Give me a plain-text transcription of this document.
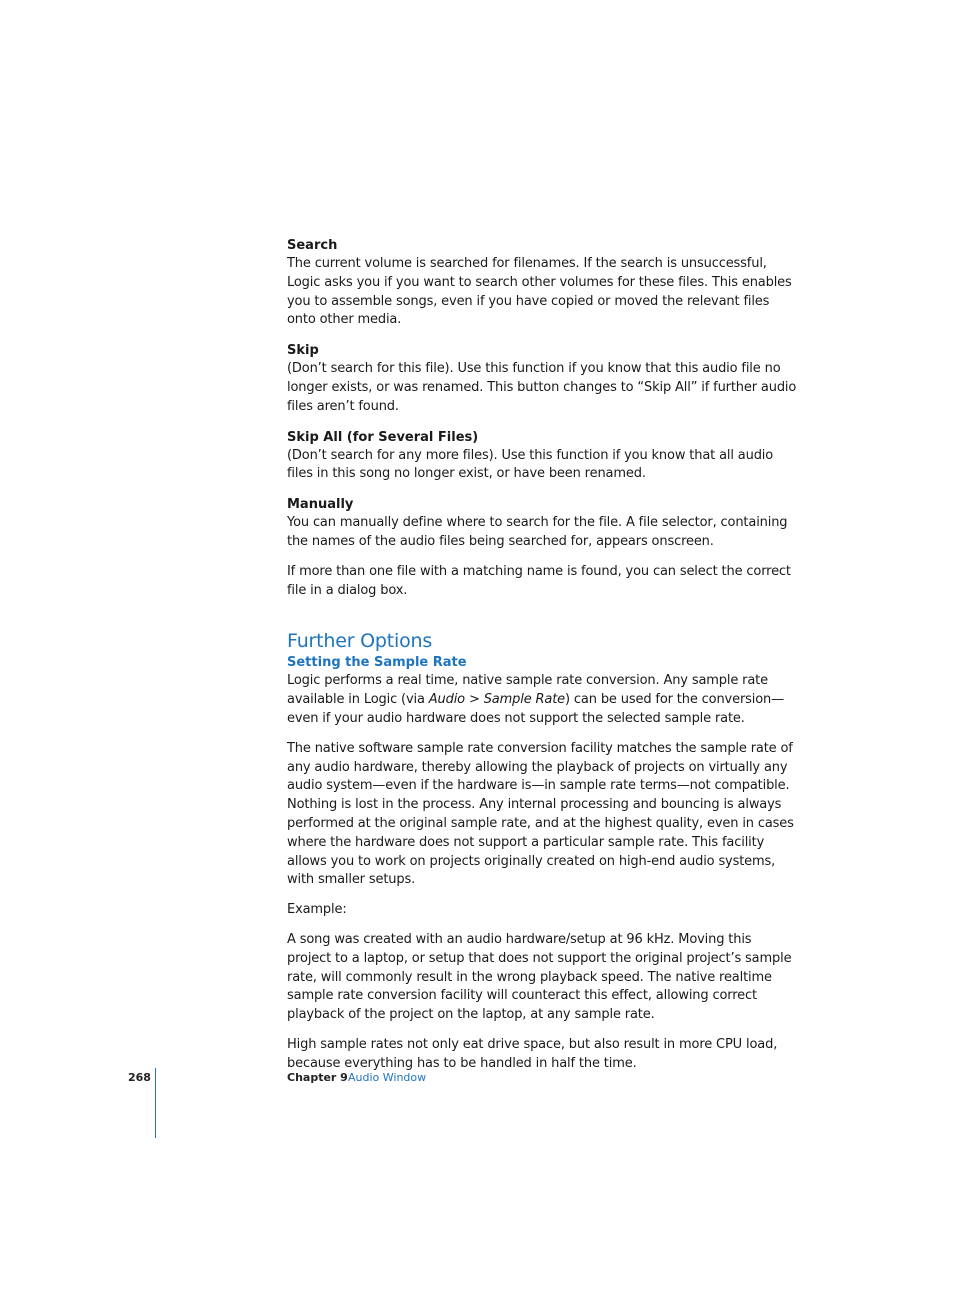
Search

The current volume is searched for filenames. If the search is unsuccessful, Logic asks you if you want to search other volumes for these files. This enables you to assemble songs, even if you have copied or moved the relevant files onto other media.

Skip

(Don’t search for this file). Use this function if you know that this audio file no longer exists, or was renamed. This button changes to “Skip All” if further audio files aren’t found.

Skip All (for Several Files)

(Don’t search for any more files). Use this function if you know that all audio files in this song no longer exist, or have been renamed.

Manually

You can manually define where to search for the file. A file selector, containing the names of the audio files being searched for, appears onscreen.

If more than one file with a matching name is found, you can select the correct file in a dialog box.

Further Options
Setting the Sample Rate

Logic performs a real time, native sample rate conversion. Any sample rate available in Logic (via Audio > Sample Rate) can be used for the conversion—even if your audio hardware does not support the selected sample rate.

The native software sample rate conversion facility matches the sample rate of any audio hardware, thereby allowing the playback of projects on virtually any audio system—even if the hardware is—in sample rate terms—not compatible. Nothing is lost in the process. Any internal processing and bouncing is always performed at the original sample rate, and at the highest quality, even in cases where the hardware does not support a particular sample rate. This facility allows you to work on projects originally created on high-end audio systems, with smaller setups.

Example:

A song was created with an audio hardware/setup at 96 kHz. Moving this project to a laptop, or setup that does not support the original project’s sample rate, will commonly result in the wrong playback speed. The native realtime sample rate conversion facility will counteract this effect, allowing correct playback of the project on the laptop, at any sample rate.

High sample rates not only eat drive space, but also result in more CPU load, because everything has to be handled in half the time.

268	Chapter 9 Audio Window
